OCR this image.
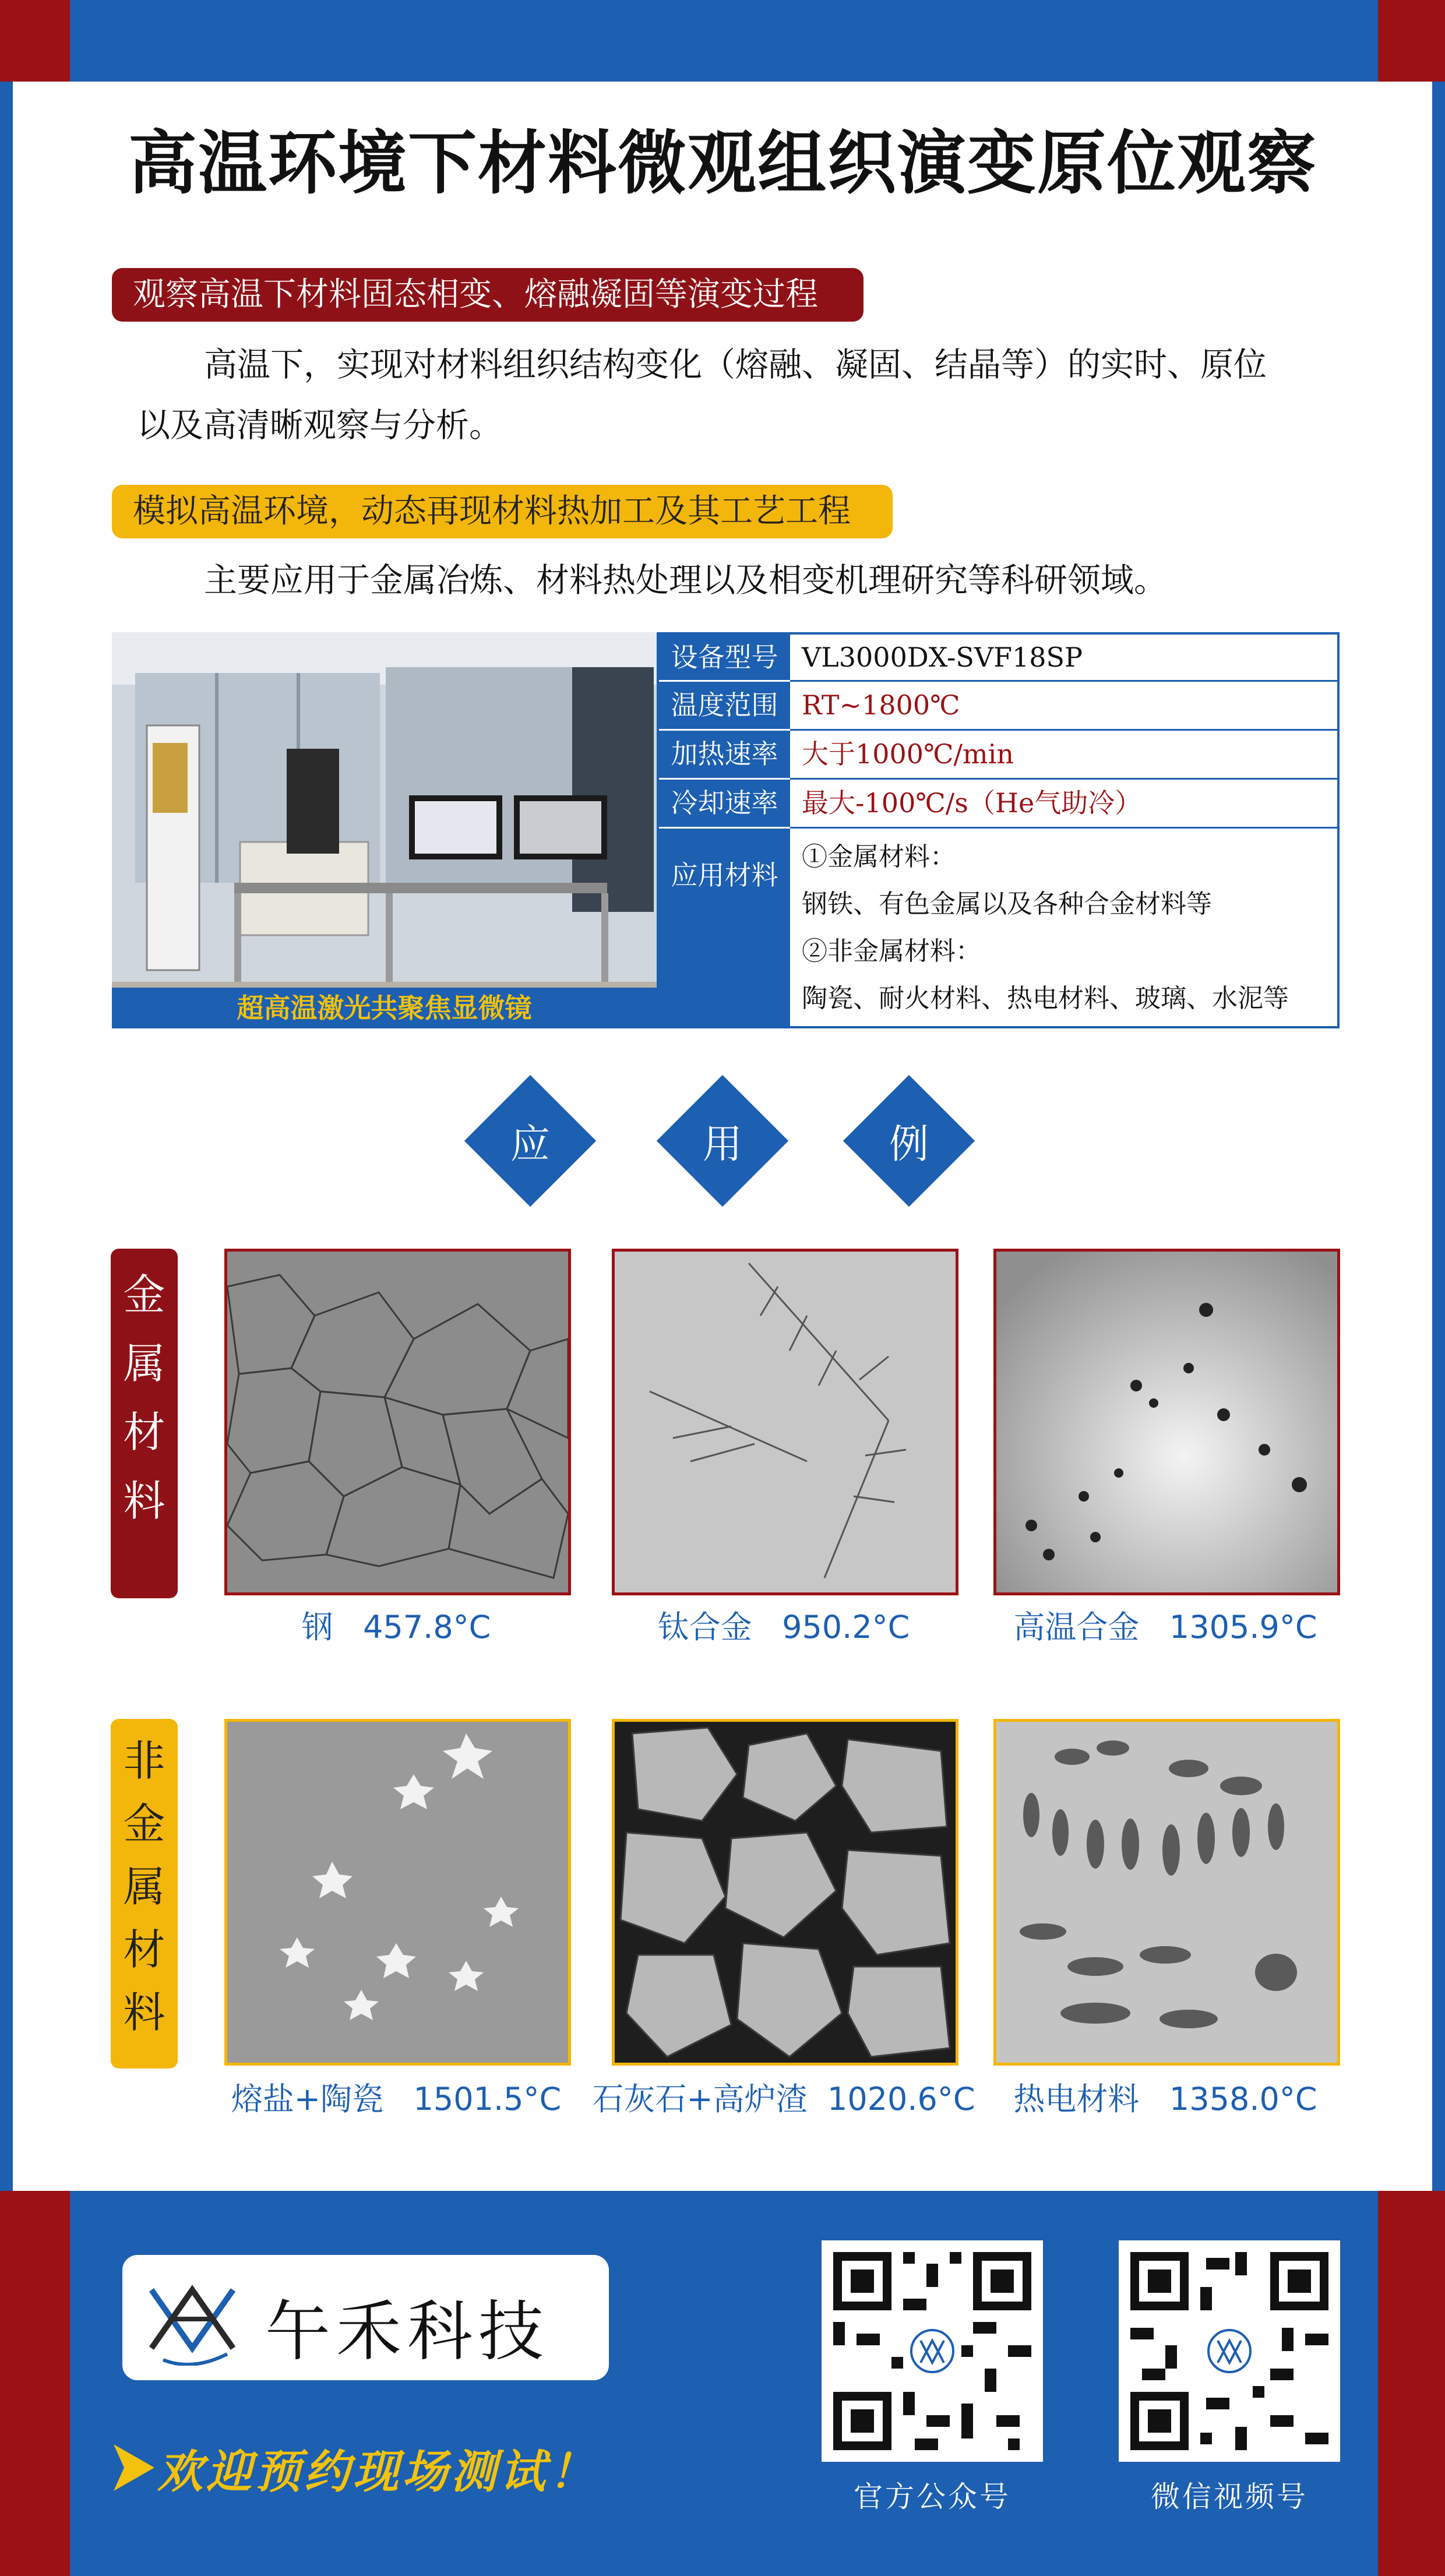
高温环境下材料微观组织演变原位观察
观察高温下材料固态相变、熔融凝固等演变过程
高温下，实现对材料组织结构变化（熔融、凝固、结晶等）的实时、原位
以及高清晰观察与分析。
模拟高温环境，动态再现材料热加工及其工艺工程
主要应用于金属冶炼、材料热处理以及相变机理研究等科研领域。
超高温激光共聚焦显微镜
设备型号 VL3000DX-SVF18SP
温度范围 RT~1800℃
加热速率 大于1000℃/min
冷却速率 最大-100℃/s（He气助冷）
应用材料
①金属材料：
钢铁、有色金属以及各种合金材料等
②非金属材料：
陶瓷、耐火材料、热电材料、玻璃、水泥等
应	用	例
金
属
材
料
钢 457.8°C	钛合金 950.2°C	高温合金 1305.9°C
非
金
属
材
料
熔盐+陶瓷 1501.5°C 石灰石+高炉渣 1020.6°C	热电材料 1358.0°C
午禾科技
欢迎预约现场测试！	官方公众号	微信视频号
